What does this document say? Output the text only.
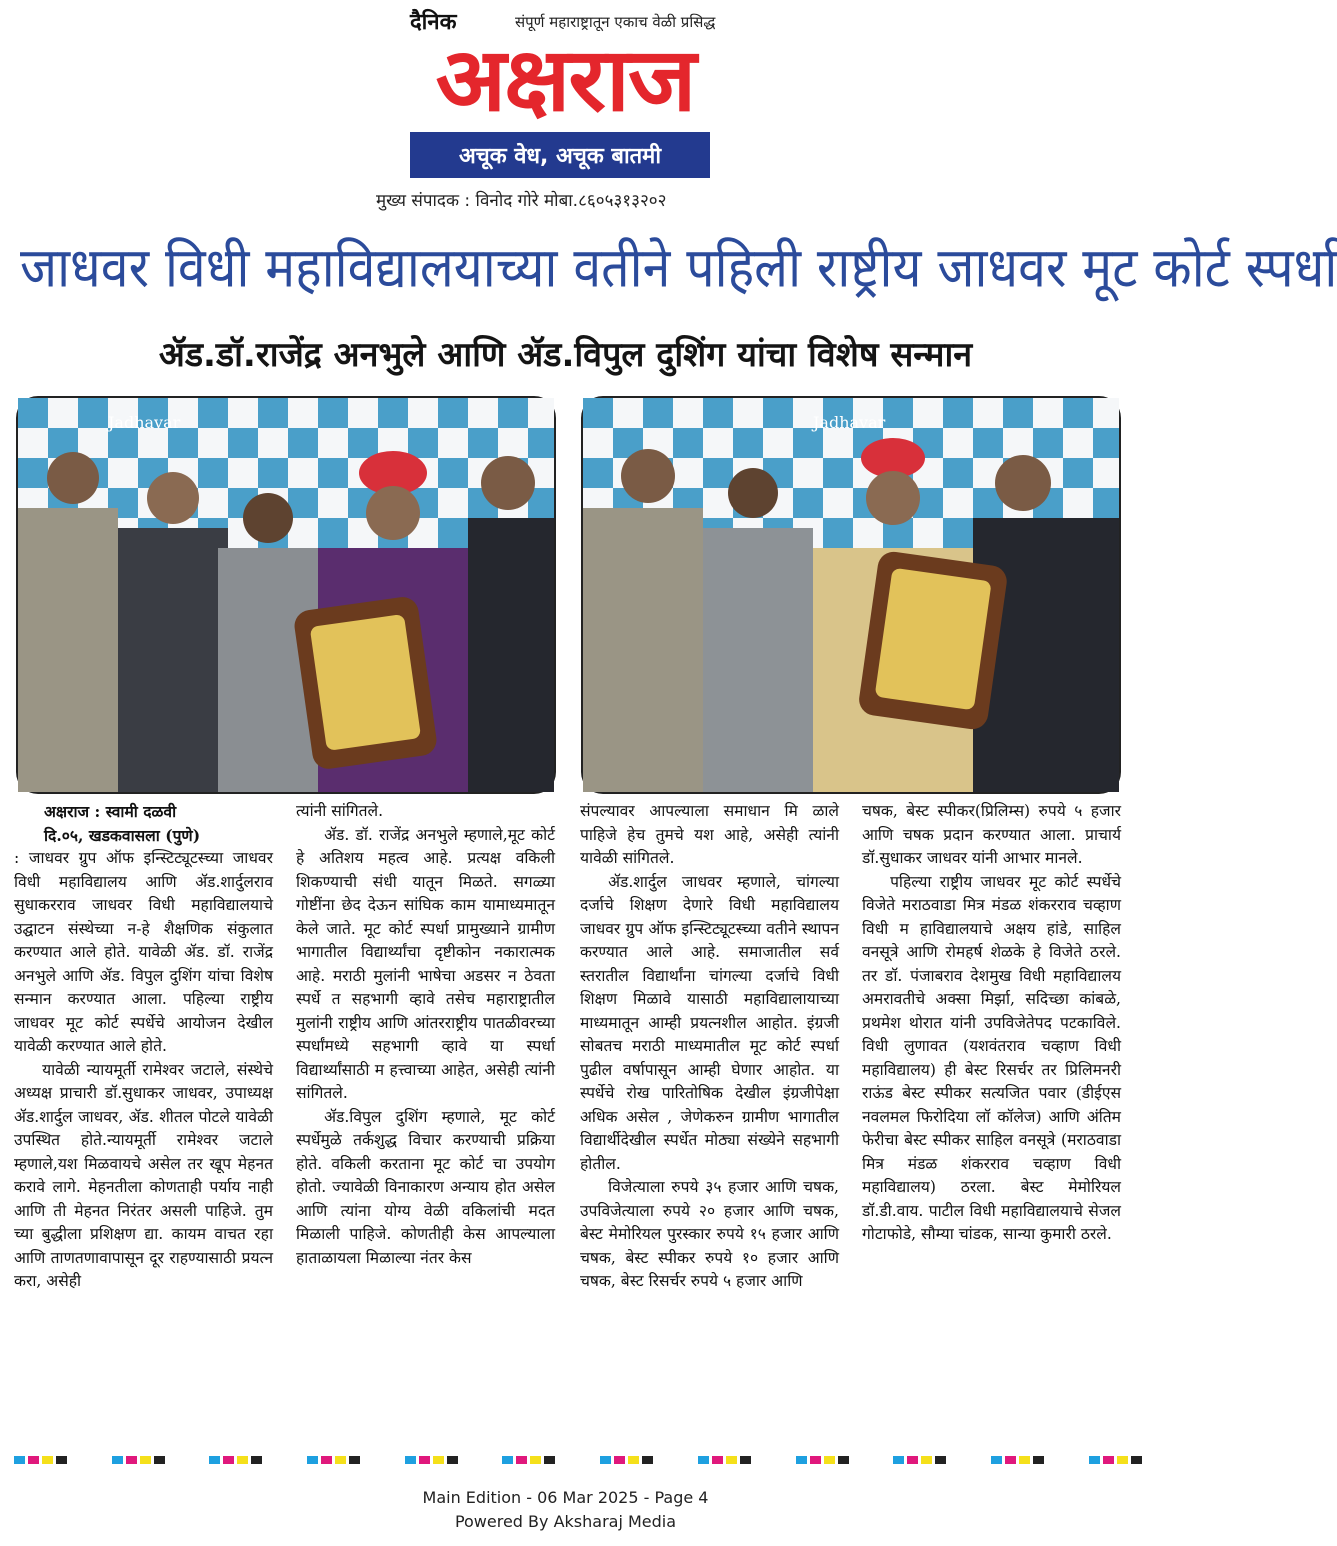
दैनिक	संपूर्ण महाराष्ट्रातून एकाच वेळी प्रसिद्ध
अक्षराज
अचूक वेध, अचूक बातमी
मुख्य संपादक : विनोद गोरे मोबा.८६०५३१३२०२
जाधवर विधी महाविद्यालयाच्या वतीने पहिली राष्ट्रीय जाधवर मूट कोर्ट स्पर्धा
ॲड.डॉ.राजेंद्र अनभुले आणि ॲड.विपुल दुशिंग यांचा विशेष सन्मान
Jadhavar	Jadhavar

अक्षराज : स्वामी दळवी

दि.०५, खडकवासला (पुणे)

: जाधवर ग्रुप ऑफ इन्स्टिट्यूटस्च्या जाधवर विधी महाविद्यालय आणि ॲड.शार्दुलराव सुधाकरराव जाधवर विधी महाविद्यालयाचे उद्घाटन संस्थेच्या न-हे शैक्षणिक संकुलात करण्यात आले होते. यावेळी ॲड. डॉ. राजेंद्र अनभुले आणि ॲड. विपुल दुशिंग यांचा विशेष सन्मान करण्यात आला. पहिल्या राष्ट्रीय जाधवर मूट कोर्ट स्पर्धेचे आयोजन देखील यावेळी करण्यात आले होते.

यावेळी न्यायमूर्ती रामेश्वर जटाले, संस्थेचे अध्यक्ष प्राचारी डॉ.सुधाकर जाधवर, उपाध्यक्ष ॲड.शार्दुल जाधवर, ॲड. शीतल पोटले यावेळी उपस्थित होते.न्यायमूर्ती रामेश्वर जटाले म्हणाले,यश मिळवायचे असेल तर खूप मेहनत करावे लागे. मेहनतीला कोणताही पर्याय नाही आणि ती मेहनत निरंतर असली पाहिजे. तुम च्या बुद्धीला प्रशिक्षण द्या. कायम वाचत रहा आणि ताणतणावापासून दूर राहण्यासाठी प्रयत्न करा, असेही

त्यांनी सांगितले.

ॲड. डॉ. राजेंद्र अनभुले म्हणाले,मूट कोर्ट हे अतिशय महत्व आहे. प्रत्यक्ष वकिली शिकण्याची संधी यातून मिळते. सगळ्या गोष्टींना छेद देऊन सांघिक काम यामाध्यमातून केले जाते. मूट कोर्ट स्पर्धा प्रामुख्याने ग्रामीण भागातील विद्यार्थ्यांचा दृष्टीकोन नकारात्मक आहे. मराठी मुलांनी भाषेचा अडसर न ठेवता स्पर्धे त सहभागी व्हावे तसेच महाराष्ट्रातील मुलांनी राष्ट्रीय आणि आंतरराष्ट्रीय पातळीवरच्या स्पर्धांमध्ये सहभागी व्हावे या स्पर्धा विद्यार्थ्यांसाठी म हत्त्वाच्या आहेत, असेही त्यांनी सांगितले.

ॲड.विपुल दुशिंग म्हणाले, मूट कोर्ट स्पर्धेमुळे तर्कशुद्ध विचार करण्याची प्रक्रिया होते. वकिली करताना मूट कोर्ट चा उपयोग होतो. ज्यावेळी विनाकारण अन्याय होत असेल आणि त्यांना योग्य वेळी वकिलांची मदत मिळाली पाहिजे. कोणतीही केस आपल्याला हाताळायला मिळाल्या नंतर केस

संपल्यावर आपल्याला समाधान मि ळाले पाहिजे हेच तुमचे यश आहे, असेही त्यांनी यावेळी सांगितले.

ॲड.शार्दुल जाधवर म्हणाले, चांगल्या दर्जाचे शिक्षण देणारे विधी महाविद्यालय जाधवर ग्रुप ऑफ इन्स्टिट्यूटस्च्या वतीने स्थापन करण्यात आले आहे. समाजातील सर्व स्तरातील विद्यार्थांना चांगल्या दर्जाचे विधी शिक्षण मिळावे यासाठी महाविद्यालायाच्या माध्यमातून आम्ही प्रयत्नशील आहोत. इंग्रजी सोबतच मराठी माध्यमातील मूट कोर्ट स्पर्धा पुढील वर्षापासून आम्ही घेणार आहोत. या स्पर्धेचे रोख पारितोषिक देखील इंग्रजीपेक्षा अधिक असेल , जेणेकरुन ग्रामीण भागातील विद्यार्थीदेखील स्पर्धेत मोठ्या संख्येने सहभागी होतील.

विजेत्याला रुपये ३५ हजार आणि चषक, उपविजेत्याला रुपये २० हजार आणि चषक, बेस्ट मेमोरियल पुरस्कार रुपये १५ हजार आणि चषक, बेस्ट स्पीकर रुपये १० हजार आणि चषक, बेस्ट रिसर्चर रुपये ५ हजार आणि

चषक, बेस्ट स्पीकर(प्रिलिम्स) रुपये ५ हजार आणि चषक प्रदान करण्यात आला. प्राचार्य डॉ.सुधाकर जाधवर यांनी आभार मानले.

पहिल्या राष्ट्रीय जाधवर मूट कोर्ट स्पर्धेचे विजेते मराठवाडा मित्र मंडळ शंकरराव चव्हाण विधी म हाविद्यालयाचे अक्षय हांडे, साहिल वनसूत्रे आणि रोमहर्ष शेळके हे विजेते ठरले. तर डॉ. पंजाबराव देशमुख विधी महाविद्यालय अमरावतीचे अक्सा मिर्झा, सदिच्छा कांबळे, प्रथमेश थोरात यांनी उपविजेतेपद पटकाविले. विधी लुणावत (यशवंतराव चव्हाण विधी महाविद्यालय) ही बेस्ट रिसर्चर तर प्रिलिमनरी राऊंड बेस्ट स्पीकर सत्यजित पवार (डीईएस नवलमल फिरोदिया लॉ कॉलेज) आणि अंतिम फेरीचा बेस्ट स्पीकर साहिल वनसूत्रे (मराठवाडा मित्र मंडळ शंकरराव चव्हाण विधी महाविद्यालय) ठरला. बेस्ट मेमोरियल डॉ.डी.वाय. पाटील विधी महाविद्यालयाचे सेजल गोटाफोडे, सौम्या चांडक, सान्या कुमारी ठरले.

Main Edition - 06 Mar 2025 - Page 4
Powered By Aksharaj Media
